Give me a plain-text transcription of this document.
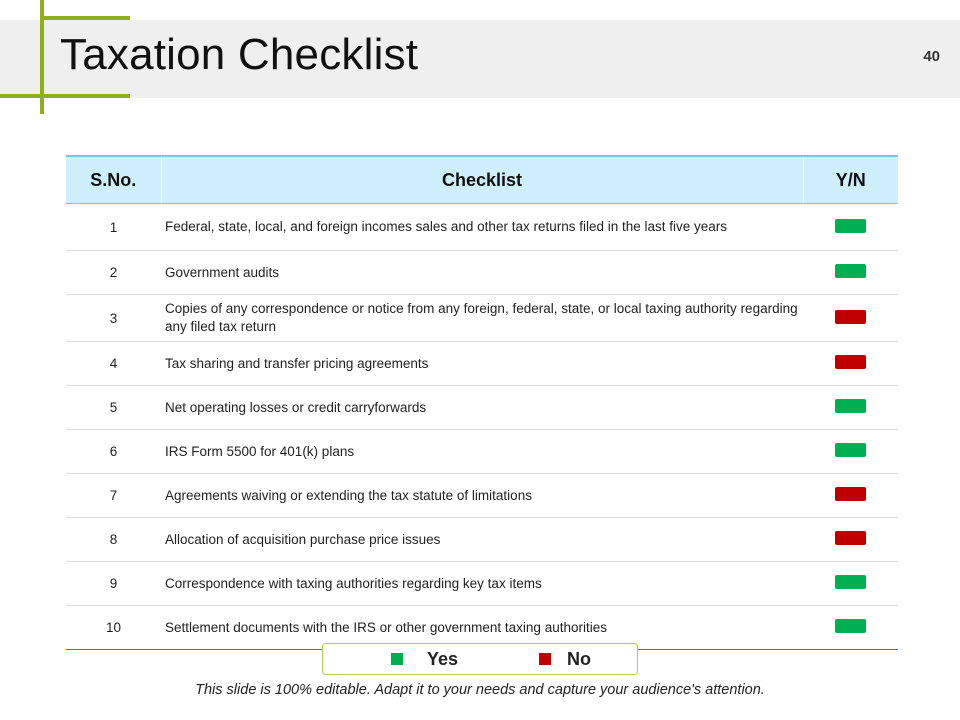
Taxation Checklist	40
S.No.	Checklist	Y/N
1	Federal, state, local, and foreign incomes sales and other tax returns filed in the last five years	
2	Government audits	
3	Copies of any correspondence or notice from any foreign, federal, state, or local taxing authority regarding any filed tax return	
4	Tax sharing and transfer pricing agreements	
5	Net operating losses or credit carryforwards	
6	IRS Form 5500 for 401(k) plans	
7	Agreements waiving or extending the tax statute of limitations	
8	Allocation of acquisition purchase price issues	
9	Correspondence with taxing authorities regarding key tax items	
10	Settlement documents with the IRS or other government taxing authorities	
Yes	No
This slide is 100% editable. Adapt it to your needs and capture your audience's attention.
